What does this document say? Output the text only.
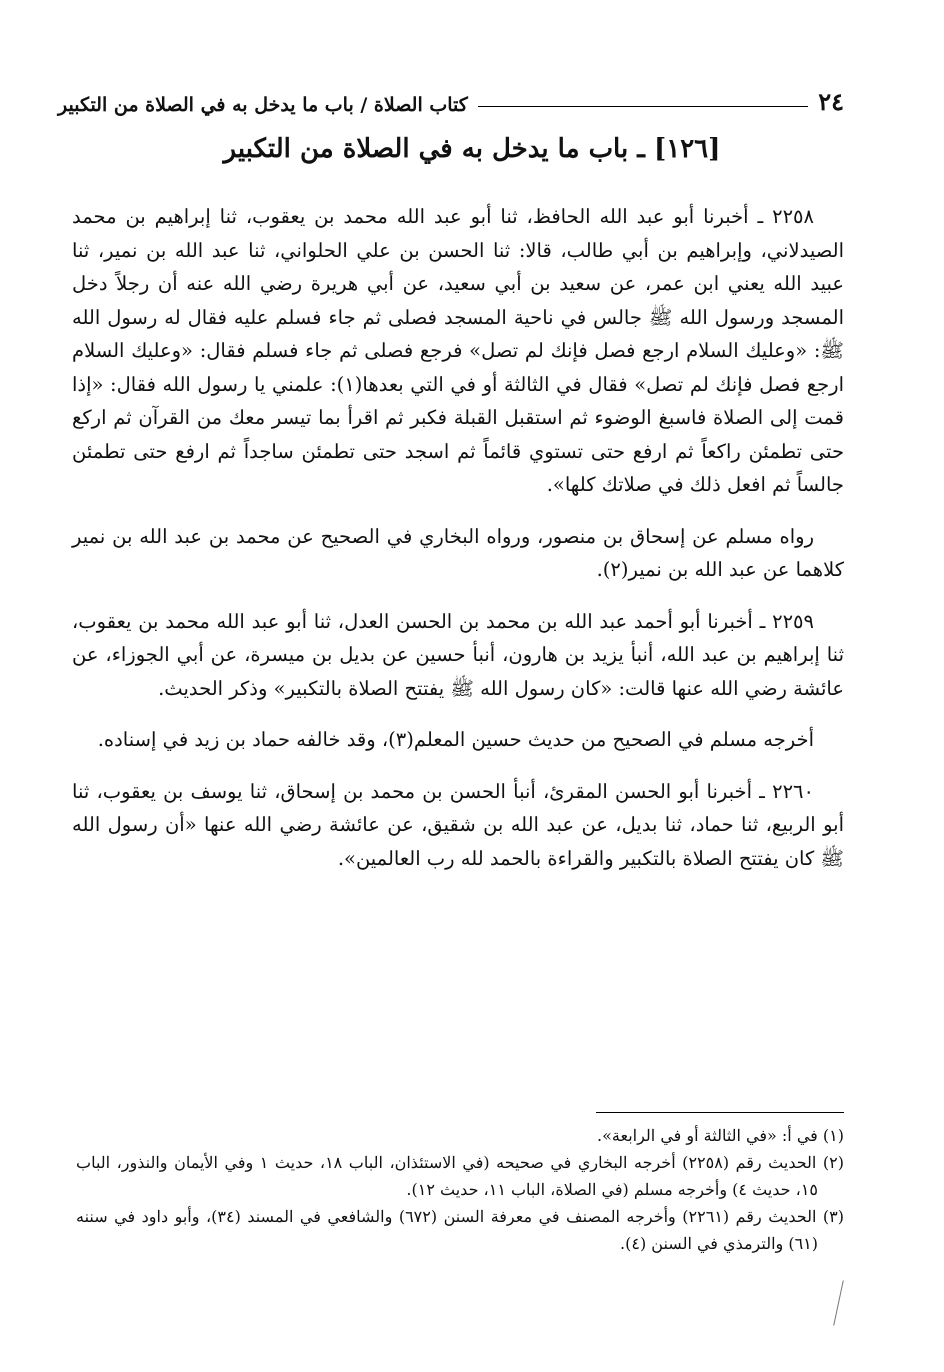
٢٤
كتاب الصلاة / باب ما يدخل به في الصلاة من التكبير
[١٢٦] ـ باب ما يدخل به في الصلاة من التكبير

٢٢٥٨ ـ أخبرنا أبو عبد الله الحافظ، ثنا أبو عبد الله محمد بن يعقوب، ثنا إبراهيم بن محمد الصيدلاني، وإبراهيم بن أبي طالب، قالا: ثنا الحسن بن علي الحلواني، ثنا عبد الله بن نمير، ثنا عبيد الله يعني ابن عمر، عن سعيد بن أبي سعيد، عن أبي هريرة رضي الله عنه أن رجلاً دخل المسجد ورسول الله ﷺ جالس في ناحية المسجد فصلى ثم جاء فسلم عليه فقال له رسول الله ﷺ: «وعليك السلام ارجع فصل فإنك لم تصل» فرجع فصلى ثم جاء فسلم فقال: «وعليك السلام ارجع فصل فإنك لم تصل» فقال في الثالثة أو في التي بعدها(١): علمني يا رسول الله فقال: «إذا قمت إلى الصلاة فاسبغ الوضوء ثم استقبل القبلة فكبر ثم اقرأ بما تيسر معك من القرآن ثم اركع حتى تطمئن راكعاً ثم ارفع حتى تستوي قائماً ثم اسجد حتى تطمئن ساجداً ثم ارفع حتى تطمئن جالساً ثم افعل ذلك في صلاتك كلها».

رواه مسلم عن إسحاق بن منصور، ورواه البخاري في الصحيح عن محمد بن عبد الله بن نمير كلاهما عن عبد الله بن نمير(٢).

٢٢٥٩ ـ أخبرنا أبو أحمد عبد الله بن محمد بن الحسن العدل، ثنا أبو عبد الله محمد بن يعقوب، ثنا إبراهيم بن عبد الله، أنبأ يزيد بن هارون، أنبأ حسين عن بديل بن ميسرة، عن أبي الجوزاء، عن عائشة رضي الله عنها قالت: «كان رسول الله ﷺ يفتتح الصلاة بالتكبير» وذكر الحديث.

أخرجه مسلم في الصحيح من حديث حسين المعلم(٣)، وقد خالفه حماد بن زيد في إسناده.

٢٢٦٠ ـ أخبرنا أبو الحسن المقرئ، أنبأ الحسن بن محمد بن إسحاق، ثنا يوسف بن يعقوب، ثنا أبو الربيع، ثنا حماد، ثنا بديل، عن عبد الله بن شقيق، عن عائشة رضي الله عنها «أن رسول الله ﷺ كان يفتتح الصلاة بالتكبير والقراءة بالحمد لله رب العالمين».

(١) في أ: «في الثالثة أو في الرابعة».

(٢) الحديث رقم (٢٢٥٨) أخرجه البخاري في صحيحه (في الاستئذان، الباب ١٨، حديث ١ وفي الأيمان والنذور، الباب ١٥، حديث ٤) وأخرجه مسلم (في الصلاة، الباب ١١، حديث ١٢).

(٣) الحديث رقم (٢٢٦١) وأخرجه المصنف في معرفة السنن (٦٧٢) والشافعي في المسند (٣٤)، وأبو داود في سننه (٦١) والترمذي في السنن (٤).
